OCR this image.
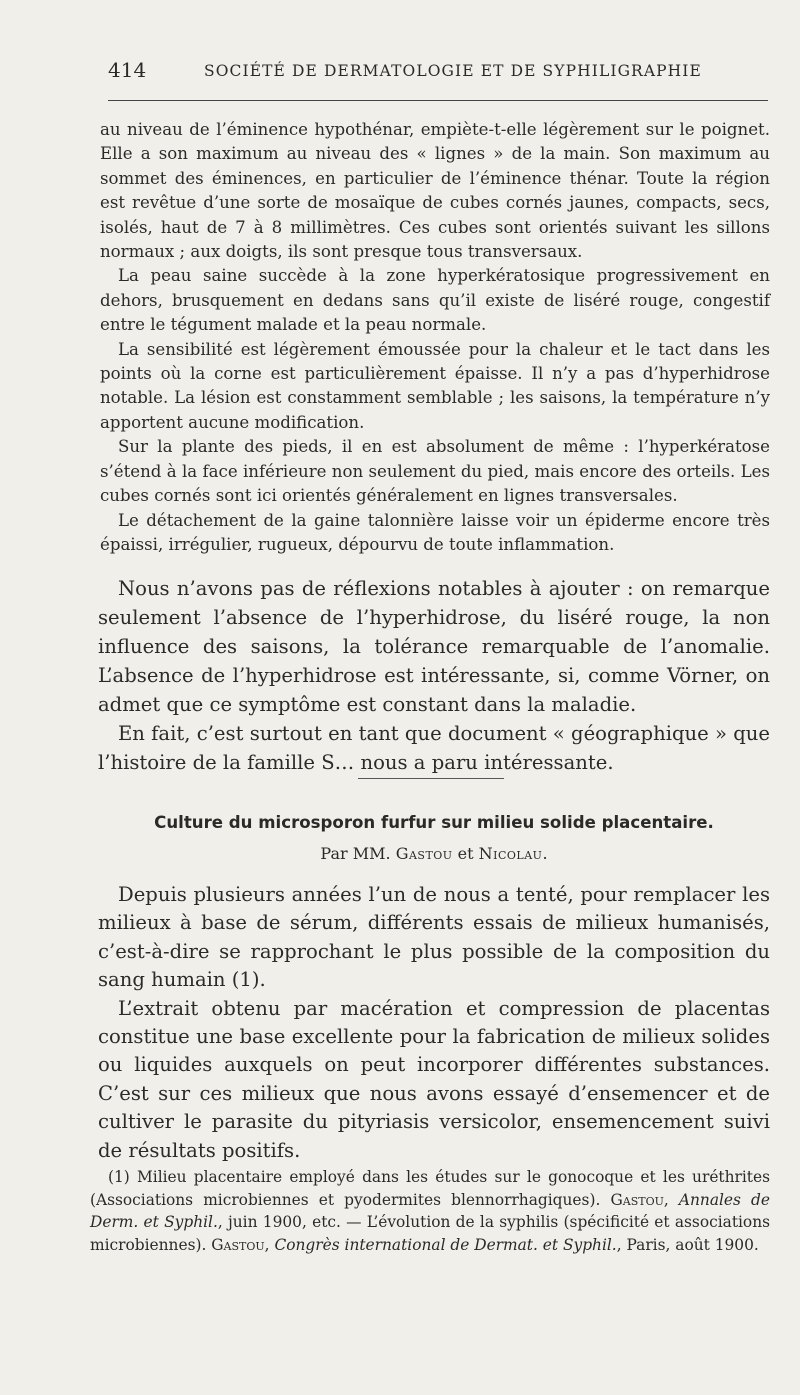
414	SOCIÉTÉ DE DERMATOLOGIE ET DE SYPHILIGRAPHIE

au niveau de l’éminence hypothénar, empiète-t-elle légèrement sur le poignet. Elle a son maximum au niveau des « lignes » de la main. Son maximum au sommet des éminences, en particulier de l’éminence thénar. Toute la région est revêtue d’une sorte de mosaïque de cubes cornés jaunes, compacts, secs, isolés, haut de 7 à 8 millimètres. Ces cubes sont orientés suivant les sillons normaux ; aux doigts, ils sont presque tous transversaux.

La peau saine succède à la zone hyperkératosique progressivement en dehors, brusquement en dedans sans qu’il existe de liséré rouge, congestif entre le tégument malade et la peau normale.

La sensibilité est légèrement émoussée pour la chaleur et le tact dans les points où la corne est particulièrement épaisse. Il n’y a pas d’hyperhidrose notable. La lésion est constamment semblable ; les saisons, la température n’y apportent aucune modification.

Sur la plante des pieds, il en est absolument de même : l’hyperkératose s’étend à la face inférieure non seulement du pied, mais encore des orteils. Les cubes cornés sont ici orientés généralement en lignes transversales.

Le détachement de la gaine talonnière laisse voir un épiderme encore très épaissi, irrégulier, rugueux, dépourvu de toute inflammation.

Nous n’avons pas de réflexions notables à ajouter : on remarque seulement l’absence de l’hyperhidrose, du liséré rouge, la non influence des saisons, la tolérance remarquable de l’anomalie. L’absence de l’hyperhidrose est intéressante, si, comme Vörner, on admet que ce symptôme est constant dans la maladie.

En fait, c’est surtout en tant que document « géographique » que l’histoire de la famille S… nous a paru intéressante.

Culture du microsporon furfur sur milieu solide placentaire.
Par MM. Gastou et Nicolau.

Depuis plusieurs années l’un de nous a tenté, pour remplacer les milieux à base de sérum, différents essais de milieux humanisés, c’est-à-dire se rapprochant le plus possible de la composition du sang humain (1).

L’extrait obtenu par macération et compression de placentas constitue une base excellente pour la fabrication de milieux solides ou liquides auxquels on peut incorporer différentes substances. C’est sur ces milieux que nous avons essayé d’ensemencer et de cultiver le parasite du pityriasis versicolor, ensemencement suivi de résultats positifs.

(1) Milieu placentaire employé dans les études sur le gonocoque et les uréthrites (Associations microbiennes et pyodermites blennorrhagiques). Gastou, Annales de Derm. et Syphil., juin 1900, etc. — L’évolution de la syphilis (spécificité et associations microbiennes). Gastou, Congrès international de Dermat. et Syphil., Paris, août 1900.
